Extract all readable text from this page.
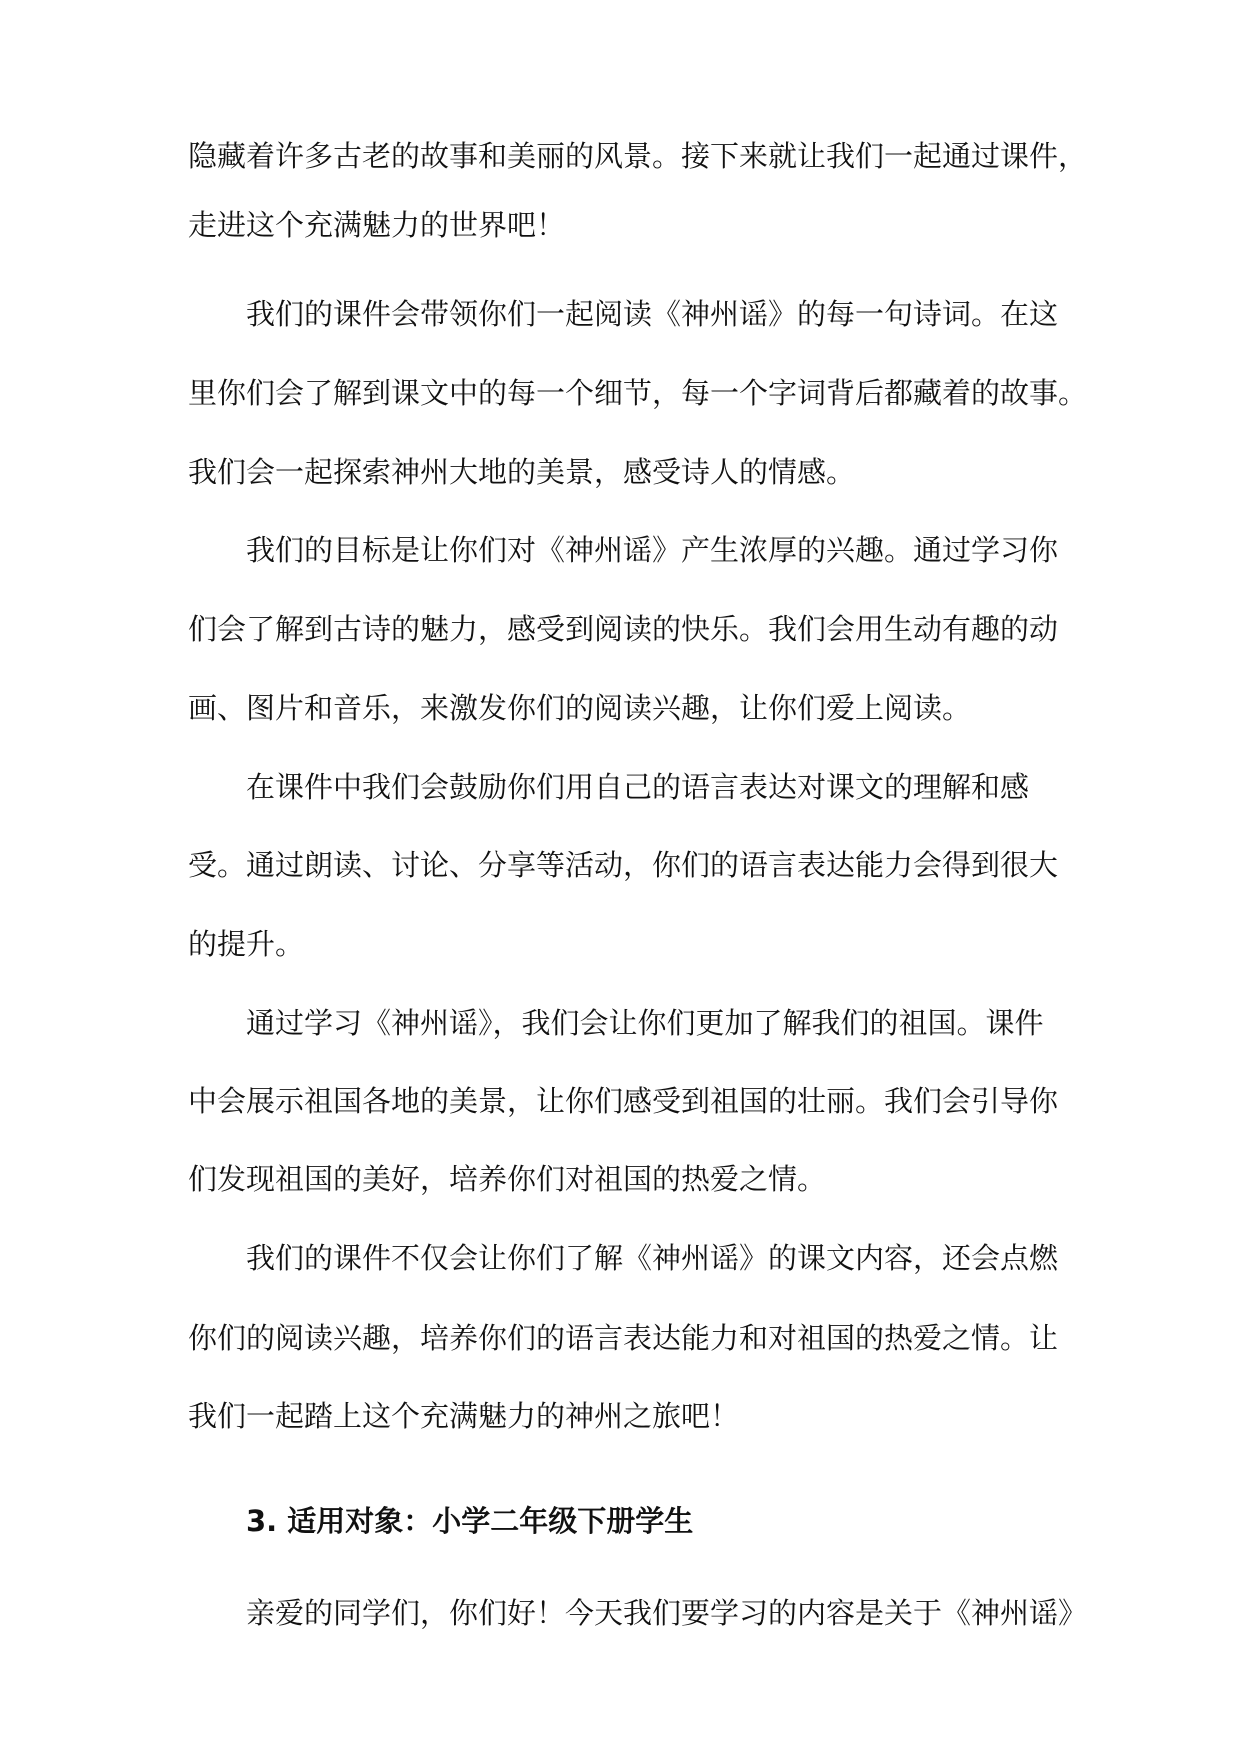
隐藏着许多古老的故事和美丽的风景。接下来就让我们一起通过课件，
走进这个充满魅力的世界吧！
我们的课件会带领你们一起阅读《神州谣》的每一句诗词。在这
里你们会了解到课文中的每一个细节，每一个字词背后都藏着的故事。
我们会一起探索神州大地的美景，感受诗人的情感。
我们的目标是让你们对《神州谣》产生浓厚的兴趣。通过学习你
们会了解到古诗的魅力，感受到阅读的快乐。我们会用生动有趣的动
画、图片和音乐，来激发你们的阅读兴趣，让你们爱上阅读。
在课件中我们会鼓励你们用自己的语言表达对课文的理解和感
受。通过朗读、讨论、分享等活动，你们的语言表达能力会得到很大
的提升。
通过学习《神州谣》，我们会让你们更加了解我们的祖国。课件
中会展示祖国各地的美景，让你们感受到祖国的壮丽。我们会引导你
们发现祖国的美好，培养你们对祖国的热爱之情。
我们的课件不仅会让你们了解《神州谣》的课文内容，还会点燃
你们的阅读兴趣，培养你们的语言表达能力和对祖国的热爱之情。让
我们一起踏上这个充满魅力的神州之旅吧！
3. 适用对象：小学二年级下册学生
亲爱的同学们，你们好！今天我们要学习的内容是关于《神州谣》
